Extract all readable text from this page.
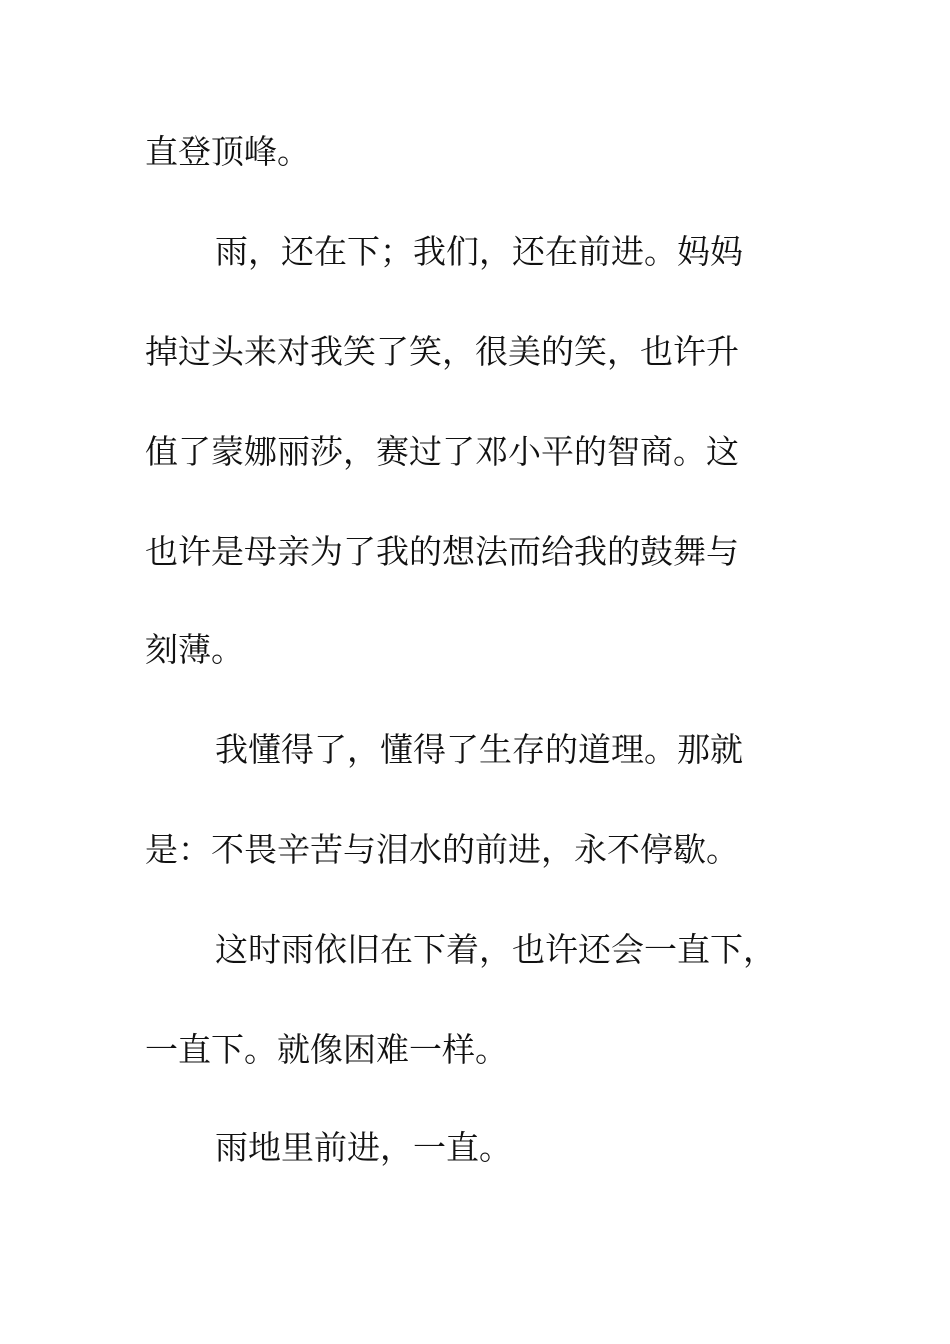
直登顶峰。
雨，还在下；我们，还在前进。妈妈
掉过头来对我笑了笑，很美的笑，也许升
值了蒙娜丽莎，赛过了邓小平的智商。这
也许是母亲为了我的想法而给我的鼓舞与
刻薄。
我懂得了，懂得了生存的道理。那就
是：不畏辛苦与泪水的前进，永不停歇。
这时雨依旧在下着，也许还会一直下，
一直下。就像困难一样。
雨地里前进，一直。
